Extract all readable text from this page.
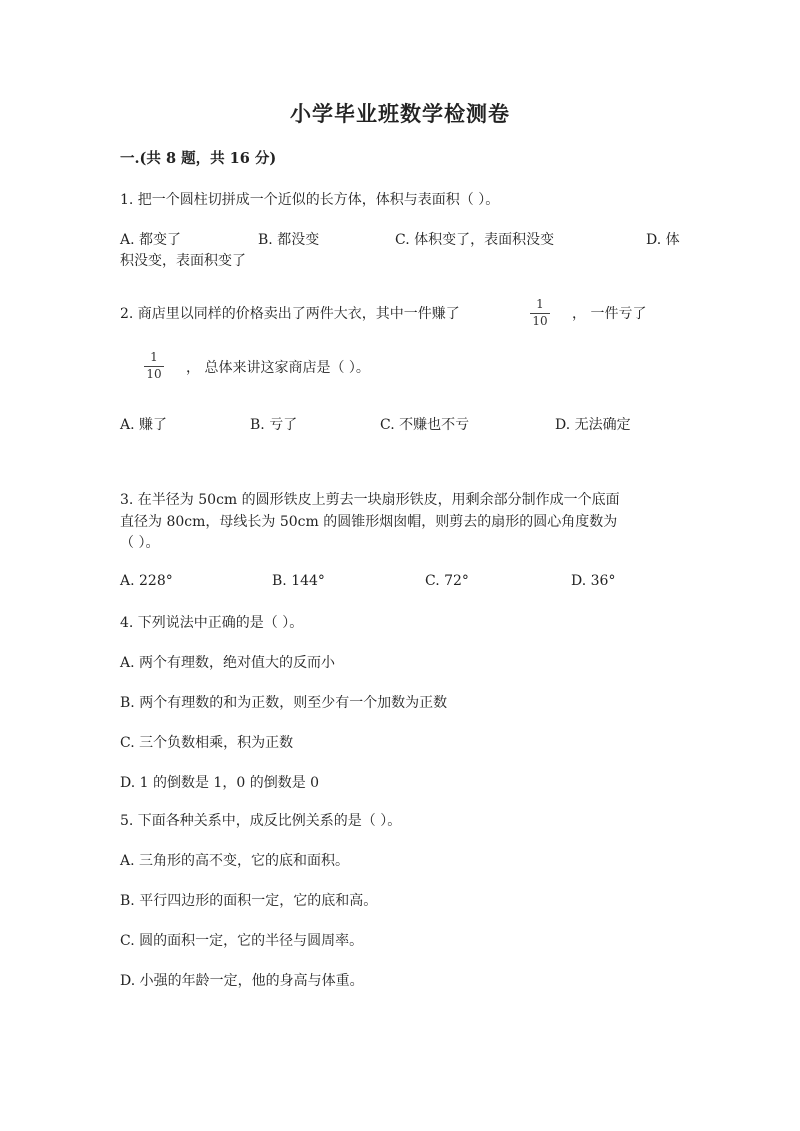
小学毕业班数学检测卷
一.(共 8 题，共 16 分)
1. 把一个圆柱切拼成一个近似的长方体，体积与表面积（ ）。
A. 都变了	B. 都没变	C. 体积变了，表面积没变	D. 体
积没变，表面积变了
2. 商店里以同样的价格卖出了两件大衣，其中一件赚了
1
10 ， 一件亏了
1
10 ， 总体来讲这家商店是（ ）。
A. 赚了	B. 亏了	C. 不赚也不亏	D. 无法确定
3. 在半径为 50cm 的圆形铁皮上剪去一块扇形铁皮，用剩余部分制作成一个底面
直径为 80cm，母线长为 50cm 的圆锥形烟囱帽，则剪去的扇形的圆心角度数为
（ ）。
A. 228°	B. 144°	C. 72°	D. 36°
4. 下列说法中正确的是（ ）。
A. 两个有理数，绝对值大的反而小
B. 两个有理数的和为正数，则至少有一个加数为正数
C. 三个负数相乘，积为正数
D. 1 的倒数是 1，0 的倒数是 0
5. 下面各种关系中，成反比例关系的是（ ）。
A. 三角形的高不变，它的底和面积。
B. 平行四边形的面积一定，它的底和高。
C. 圆的面积一定，它的半径与圆周率。
D. 小强的年龄一定，他的身高与体重。
